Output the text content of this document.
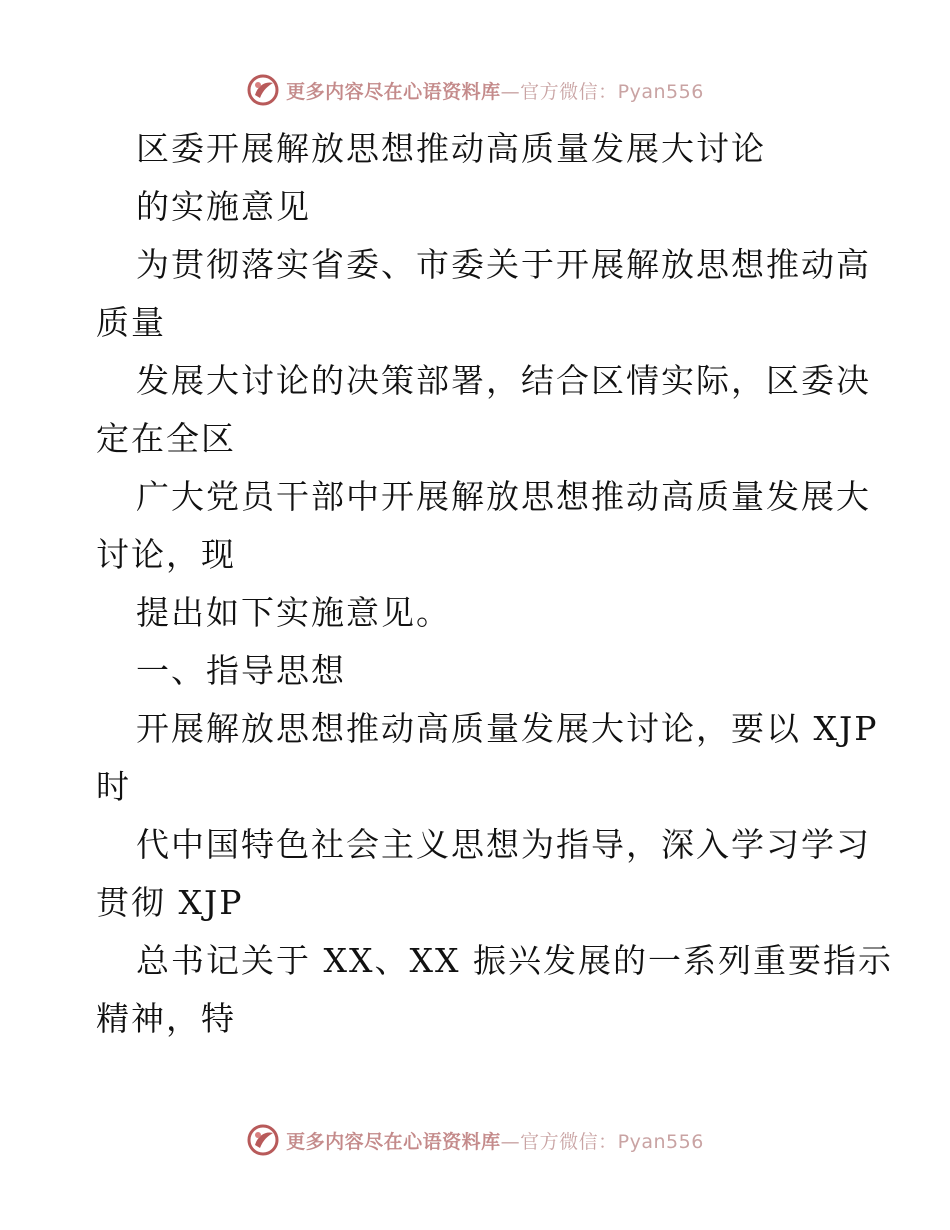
更多内容尽在心语资料库—官方微信：Pyan556
区委开展解放思想推动高质量发展大讨论
的实施意见
为贯彻落实省委、市委关于开展解放思想推动高
质量
发展大讨论的决策部署，结合区情实际，区委决
定在全区
广大党员干部中开展解放思想推动高质量发展大
讨论，现
提出如下实施意见。
一、指导思想
开展解放思想推动高质量发展大讨论，要以 XJP
时
代中国特色社会主义思想为指导，深入学习学习
贯彻 XJP
总书记关于 XX、XX 振兴发展的一系列重要指示
精神，特
更多内容尽在心语资料库—官方微信：Pyan556
